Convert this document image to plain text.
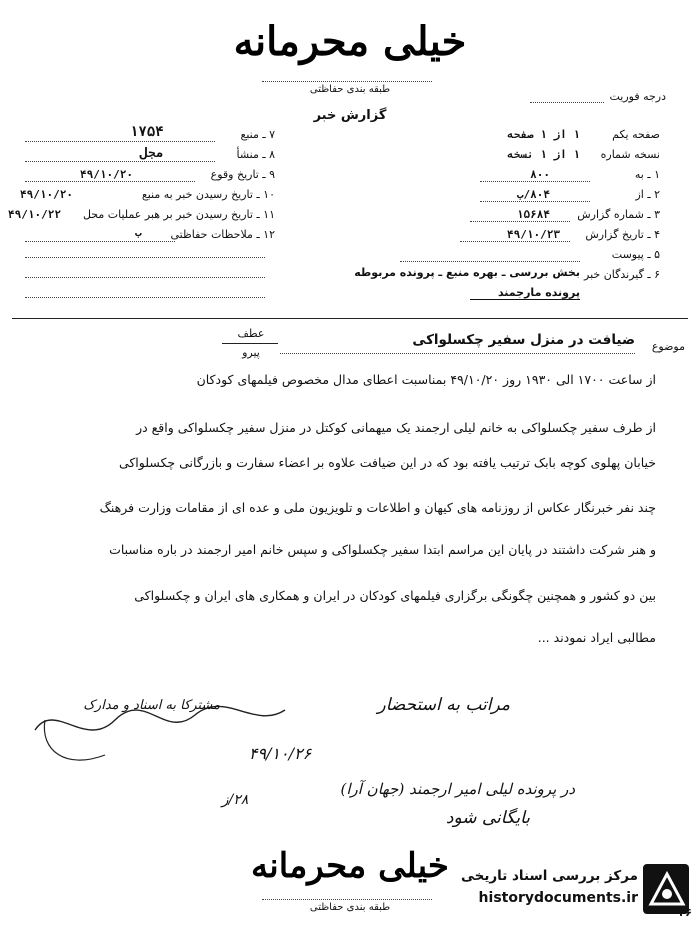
خیلی محرمانه
طبقه بندی حفاظتی
درجه فوریت
گزارش خبر
صفحه یکم
۱ از ۱ صفحه
نسخه شماره
۱ از ۱ نسخه
۱ ـ به
۸۰۰
۲ ـ از
۸۰۴/ب
۳ ـ شماره گزارش
۱۵۶۸۴
۴ ـ تاریخ گزارش
۴۹/۱۰/۲۳
۵ ـ پیوست
۶ ـ گیرندگان خبر
بخش بررسی ـ بهره منبع ـ پرونده مربوطه
پرونده مارجمند
۷ ـ منبع
۱۷۵۴
۸ ـ منشأ
مجل
۹ ـ تاریخ وقوع
۴۹/۱۰/۲۰
۱۰ ـ تاریخ رسیدن خبر به منبع
۴۹/۱۰/۲۰
۱۱ ـ تاریخ رسیدن خبر بر هبر عملیات محل
۴۹/۱۰/۲۲
۱۲ ـ ملاحظات حفاظتی
ب
موضوع
ضیافت در منزل سفیر چکسلواکی
عطف
پیرو
از ساعت ۱۷۰۰ الی ۱۹۳۰ روز ۴۹/۱۰/۲۰ بمناسبت اعطای مدال مخصوص فیلمهای کودکان
از طرف سفیر چکسلواکی به خانم لیلی ارجمند یک میهمانی کوکتل در منزل سفیر چکسلواکی واقع در
خیابان پهلوی کوچه بابک ترتیب یافته بود که در این ضیافت علاوه بر اعضاء سفارت و بازرگانی چکسلواکی
چند نفر خبرنگار عکاس از روزنامه های کیهان و اطلاعات و تلویزیون ملی و عده ای از مقامات وزارت فرهنگ
و هنر شرکت داشتند در پایان این مراسم ابتدا سفیر چکسلواکی و سپس خانم امیر ارجمند در باره مناسبات
بین دو کشور و همچنین چگونگی برگزاری فیلمهای کودکان در ایران و همکاری های ایران و چکسلواکی
مطالبی ایراد نمودند ...
مشترکا به اسناد و مدارک	مراتب به استحضار
۴۹/۱۰/۲۶
در پرونده لیلی امیر ارجمند (جهان آرا)
بایگانی شود
۲۸/ز
خیلی محرمانه
طبقه بندی حفاظتی
مرکز بررسی اسناد تاریخی
historydocuments.ir
۴۶
